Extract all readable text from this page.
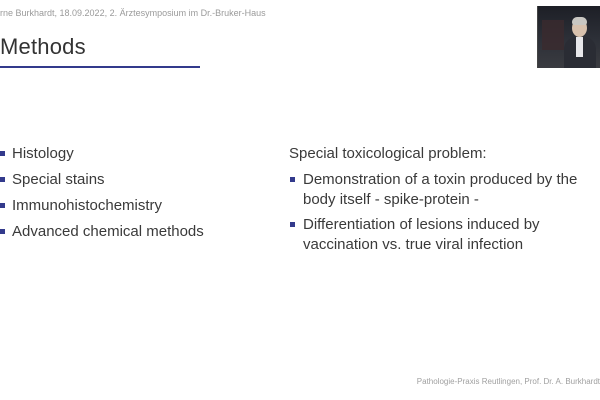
rne Burkhardt, 18.09.2022, 2. Ärztesymposium im Dr.-Bruker-Haus
Methods
Histology
Special stains
Immunohistochemistry
Advanced chemical methods
Special toxicological problem:
Demonstration of a toxin produced by the body itself - spike-protein -
Differentiation of lesions induced by vaccination vs. true viral infection
Pathologie-Praxis Reutlingen, Prof. Dr. A. Burkhardt
